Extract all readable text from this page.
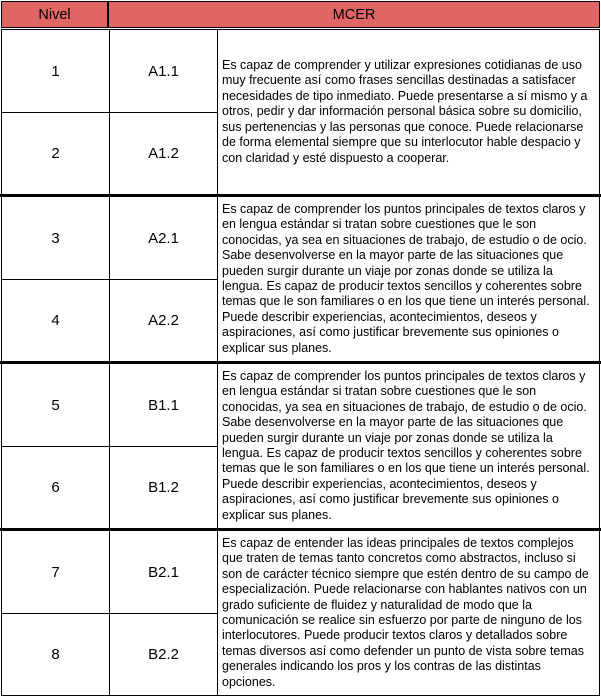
Nivel	MCER
1	A1.1
2	A1.2
Es capaz de comprender y utilizar expresiones cotidianas de uso muy frecuente así como frases sencillas destinadas a satisfacer necesidades de tipo inmediato. Puede presentarse a sí mismo y a otros, pedir y dar información personal básica sobre su domicilio, sus pertenencias y las personas que conoce. Puede relacionarse de forma elemental siempre que su interlocutor hable despacio y con claridad y esté dispuesto a cooperar.
3	A2.1
4	A2.2
Es capaz de comprender los puntos principales de textos claros y en lengua estándar si tratan sobre cuestiones que le son conocidas, ya sea en situaciones de trabajo, de estudio o de ocio. Sabe desenvolverse en la mayor parte de las situaciones que pueden surgir durante un viaje por zonas donde se utiliza la lengua. Es capaz de producir textos sencillos y coherentes sobre temas que le son familiares o en los que tiene un interés personal. Puede describir experiencias, acontecimientos, deseos y aspiraciones, así como justificar brevemente sus opiniones o explicar sus planes.
5	B1.1
6	B1.2
Es capaz de comprender los puntos principales de textos claros y en lengua estándar si tratan sobre cuestiones que le son conocidas, ya sea en situaciones de trabajo, de estudio o de ocio. Sabe desenvolverse en la mayor parte de las situaciones que pueden surgir durante un viaje por zonas donde se utiliza la lengua. Es capaz de producir textos sencillos y coherentes sobre temas que le son familiares o en los que tiene un interés personal. Puede describir experiencias, acontecimientos, deseos y aspiraciones, así como justificar brevemente sus opiniones o explicar sus planes.
7	B2.1
8	B2.2
Es capaz de entender las ideas principales de textos complejos que traten de temas tanto concretos como abstractos, incluso si son de carácter técnico siempre que estén dentro de su campo de especialización. Puede relacionarse con hablantes nativos con un grado suficiente de fluidez y naturalidad de modo que la comunicación se realice sin esfuerzo por parte de ninguno de los interlocutores. Puede producir textos claros y detallados sobre temas diversos así como defender un punto de vista sobre temas generales indicando los pros y los contras de las distintas opciones.
